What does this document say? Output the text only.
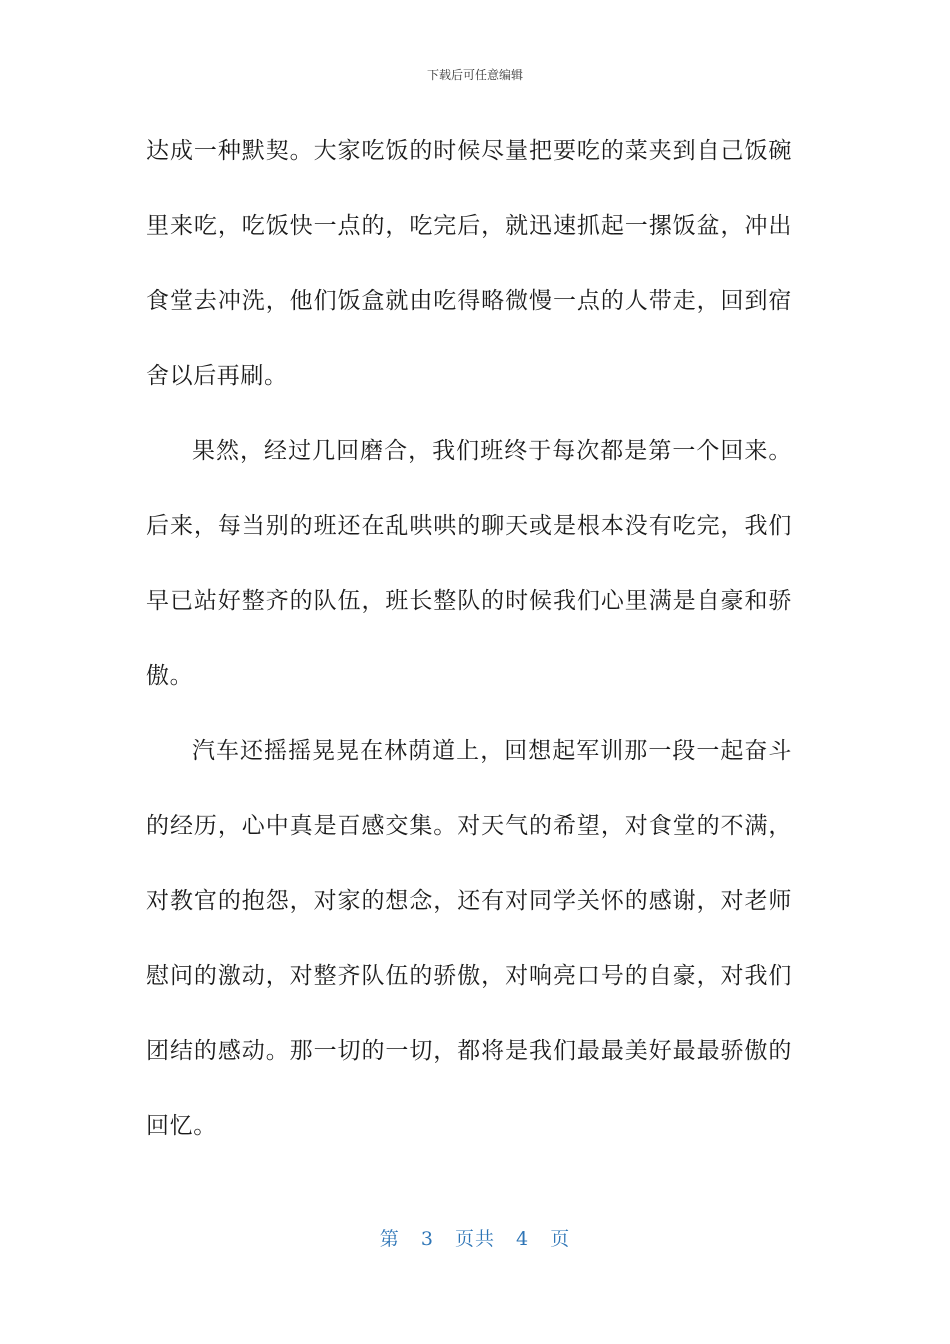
下载后可任意编辑

达成一种默契。大家吃饭的时候尽量把要吃的菜夹到自己饭碗里来吃，吃饭快一点的，吃完后，就迅速抓起一摞饭盆，冲出食堂去冲洗，他们饭盒就由吃得略微慢一点的人带走，回到宿舍以后再刷。

果然，经过几回磨合，我们班终于每次都是第一个回来。后来，每当别的班还在乱哄哄的聊天或是根本没有吃完，我们早已站好整齐的队伍，班长整队的时候我们心里满是自豪和骄傲。

汽车还摇摇晃晃在林荫道上，回想起军训那一段一起奋斗的经历，心中真是百感交集。对天气的希望，对食堂的不满，对教官的抱怨，对家的想念，还有对同学关怀的感谢，对老师慰问的激动，对整齐队伍的骄傲，对响亮口号的自豪，对我们团结的感动。那一切的一切，都将是我们最最美好最最骄傲的回忆。

第 3 页共 4 页
